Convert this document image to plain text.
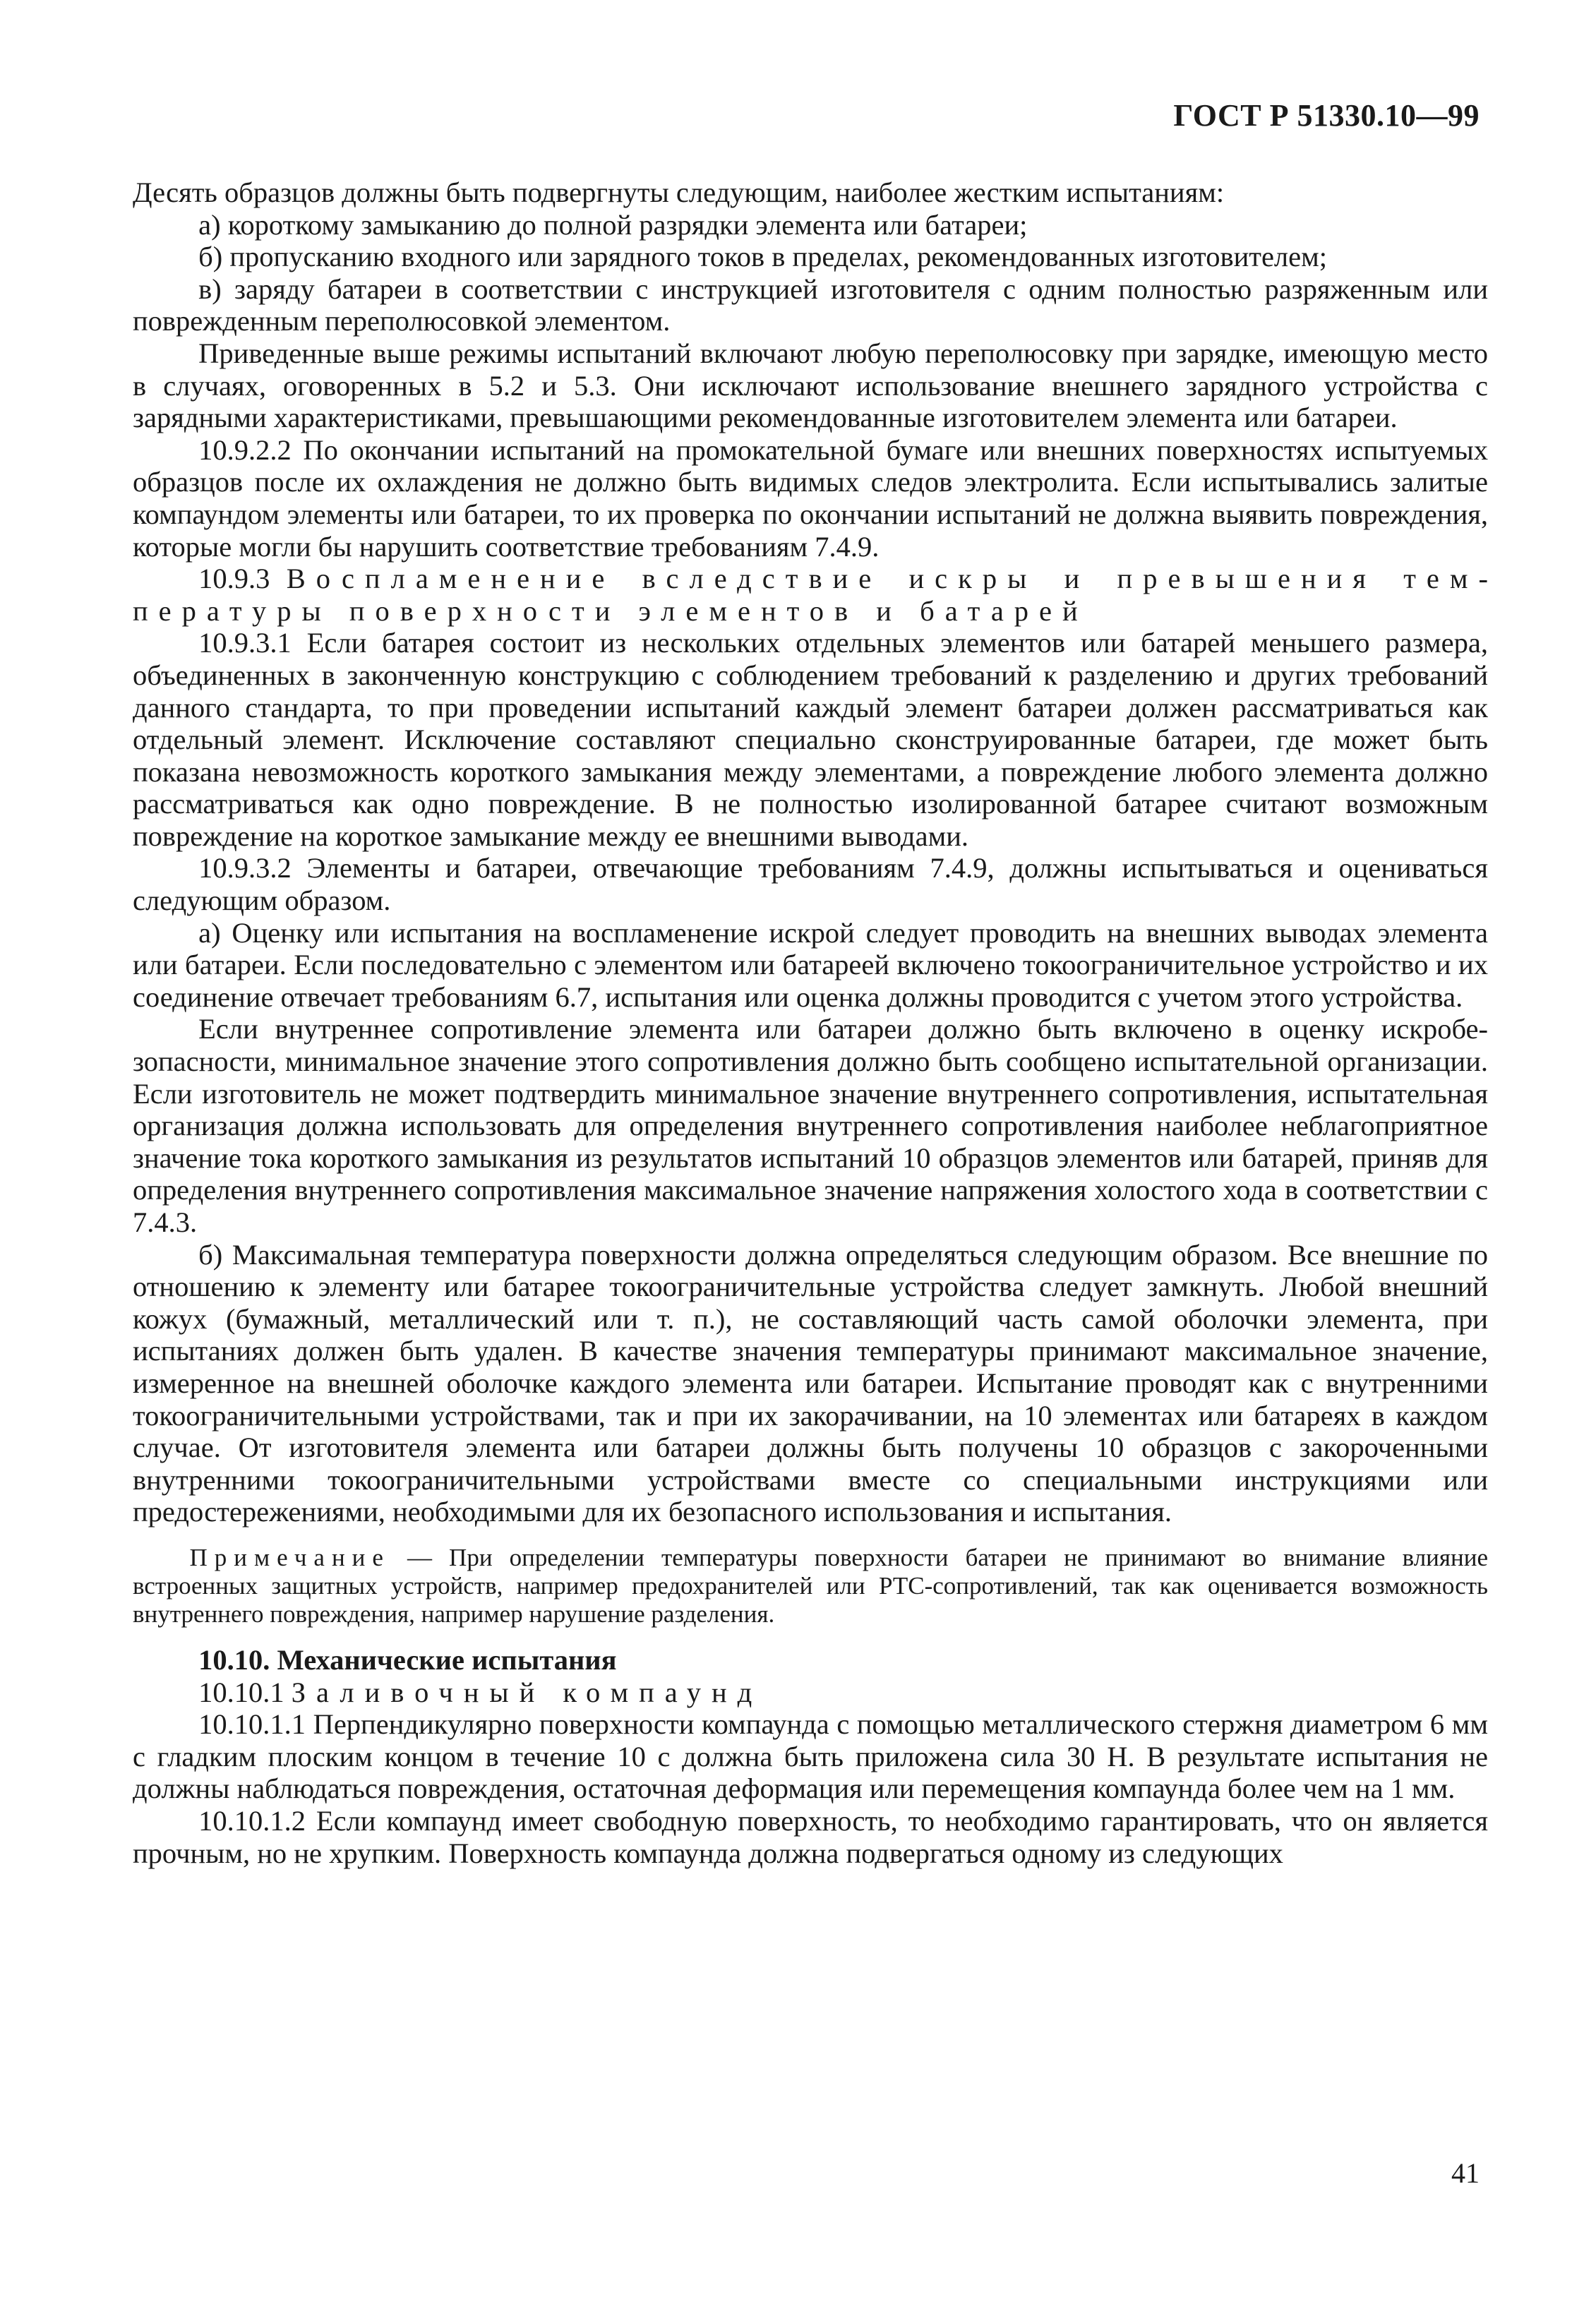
ГОСТ Р 51330.10—99

Десять образцов должны быть подвергнуты следующим, наиболее жестким испытаниям:

а) короткому замыканию до полной разрядки элемента или батареи;

б) пропусканию входного или зарядного токов в пределах, рекомендованных изготовителем;

в) заряду батареи в соответствии с инструкцией изготовителя с одним полностью разряженным или поврежденным переполюсовкой элементом.

Приведенные выше режимы испытаний включают любую переполюсовку при зарядке, имеющую место в случаях, оговоренных в 5.2 и 5.3. Они исключают использование внешнего зарядного устройства с зарядными характеристиками, превышающими рекомендованные изготовителем элемента или батареи.

10.9.2.2 По окончании испытаний на промокательной бумаге или внешних поверхностях испытуемых образцов после их охлаждения не должно быть видимых следов электролита. Если испытывались залитые компаундом элементы или батареи, то их проверка по окончании испытаний не должна выявить повреждения, которые могли бы нарушить соответствие требованиям 7.4.9.

10.9.3 Воспламенение вследствие искры и превышения температуры поверхности элементов и батарей

10.9.3.1 Если батарея состоит из нескольких отдельных элементов или батарей меньшего размера, объединенных в законченную конструкцию с соблюдением требований к разделению и других требований данного стандарта, то при проведении испытаний каждый элемент батареи должен рассматриваться как отдельный элемент. Исключение составляют специально сконструированные батареи, где может быть показана невозможность короткого замыкания между элементами, а повреждение любого элемента должно рассматриваться как одно повреждение. В не полностью изолированной батарее считают возможным повреждение на короткое замыкание между ее внешними выводами.

10.9.3.2 Элементы и батареи, отвечающие требованиям 7.4.9, должны испытываться и оцениваться следующим образом.

а) Оценку или испытания на воспламенение искрой следует проводить на внешних выводах элемента или батареи. Если последовательно с элементом или батареей включено токоограничительное устройство и их соединение отвечает требованиям 6.7, испытания или оценка должны проводится с учетом этого устройства.

Если внутреннее сопротивление элемента или батареи должно быть включено в оценку искробезопасности, минимальное значение этого сопротивления должно быть сообщено испытательной организации. Если изготовитель не может подтвердить минимальное значение внутреннего сопротивления, испытательная организация должна использовать для определения внутреннего сопротивления наиболее неблагоприятное значение тока короткого замыкания из результатов испытаний 10 образцов элементов или батарей, приняв для определения внутреннего сопротивления максимальное значение напряжения холостого хода в соответствии с 7.4.3.

б) Максимальная температура поверхности должна определяться следующим образом. Все внешние по отношению к элементу или батарее токоограничительные устройства следует замкнуть. Любой внешний кожух (бумажный, металлический или т. п.), не составляющий часть самой оболочки элемента, при испытаниях должен быть удален. В качестве значения температуры принимают максимальное значение, измеренное на внешней оболочке каждого элемента или батареи. Испытание проводят как с внутренними токоограничительными устройствами, так и при их закорачивании, на 10 элементах или батареях в каждом случае. От изготовителя элемента или батареи должны быть получены 10 образцов с закороченными внутренними токоограничительными устройствами вместе со специальными инструкциями или предостережениями, необходимыми для их безопасного использования и испытания.

Примечание — При определении температуры поверхности батареи не принимают во внимание влияние встроенных защитных устройств, например предохранителей или РТС-сопротивлений, так как оценивается возможность внутреннего повреждения, например нарушение разделения.

10.10. Механические испытания

10.10.1 Заливочный компаунд

10.10.1.1 Перпендикулярно поверхности компаунда с помощью металлического стержня диаметром 6 мм с гладким плоским концом в течение 10 с должна быть приложена сила 30 Н. В результате испытания не должны наблюдаться повреждения, остаточная деформация или перемещения компаунда более чем на 1 мм.

10.10.1.2 Если компаунд имеет свободную поверхность, то необходимо гарантировать, что он является прочным, но не хрупким. Поверхность компаунда должна подвергаться одному из следующих

41
